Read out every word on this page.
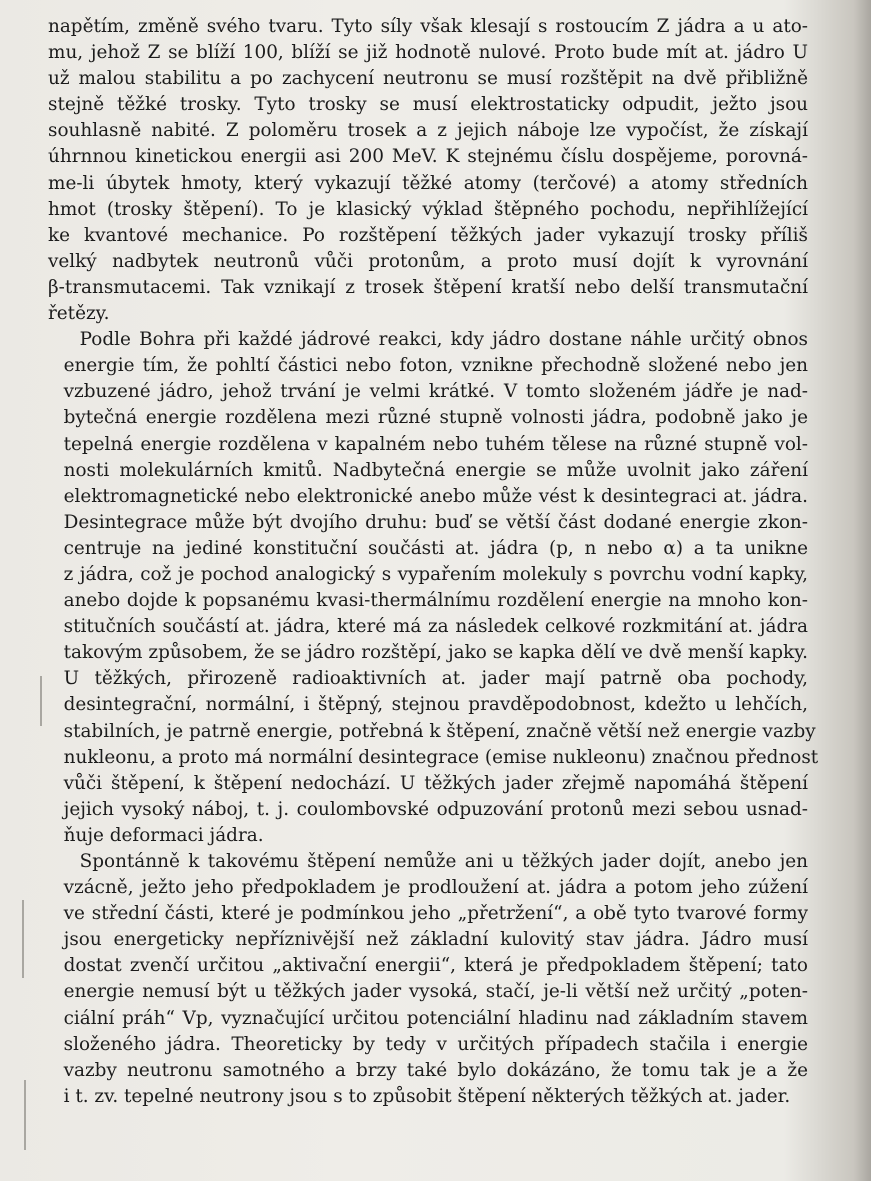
napětím, změně svého tvaru. Tyto síly však klesají s rostoucím Z jádra a u ato-
mu, jehož Z se blíží 100, blíží se již hodnotě nulové. Proto bude mít at. jádro U
už malou stabilitu a po zachycení neutronu se musí rozštěpit na dvě přibližně
stejně těžké trosky. Tyto trosky se musí elektrostaticky odpudit, ježto jsou
souhlasně nabité. Z poloměru trosek a z jejich náboje lze vypočíst, že získají
úhrnnou kinetickou energii asi 200 MeV. K stejnému číslu dospějeme, porovná-
me-li úbytek hmoty, který vykazují těžké atomy (terčové) a atomy středních
hmot (trosky štěpení). To je klasický výklad štěpného pochodu, nepřihlížející
ke kvantové mechanice. Po rozštěpení těžkých jader vykazují trosky příliš
velký nadbytek neutronů vůči protonům, a proto musí dojít k vyrovnání
β-transmutacemi. Tak vznikají z trosek štěpení kratší nebo delší transmutační
řetězy.
Podle Bohra při každé jádrové reakci, kdy jádro dostane náhle určitý obnos
energie tím, že pohltí částici nebo foton, vznikne přechodně složené nebo jen
vzbuzené jádro, jehož trvání je velmi krátké. V tomto složeném jádře je nad-
bytečná energie rozdělena mezi různé stupně volnosti jádra, podobně jako je
tepelná energie rozdělena v kapalném nebo tuhém tělese na různé stupně vol-
nosti molekulárních kmitů. Nadbytečná energie se může uvolnit jako záření
elektromagnetické nebo elektronické anebo může vést k desintegraci at. jádra.
Desintegrace může být dvojího druhu: buď se větší část dodané energie zkon-
centruje na jediné konstituční součásti at. jádra (p, n nebo α) a ta unikne
z jádra, což je pochod analogický s vypařením molekuly s povrchu vodní kapky,
anebo dojde k popsanému kvasi-thermálnímu rozdělení energie na mnoho kon-
stitučních součástí at. jádra, které má za následek celkové rozkmitání at. jádra
takovým způsobem, že se jádro rozštěpí, jako se kapka dělí ve dvě menší kapky.
U těžkých, přirozeně radioaktivních at. jader mají patrně oba pochody,
desintegrační, normální, i štěpný, stejnou pravděpodobnost, kdežto u lehčích,
stabilních, je patrně energie, potřebná k štěpení, značně větší než energie vazby
nukleonu, a proto má normální desintegrace (emise nukleonu) značnou přednost
vůči štěpení, k štěpení nedochází. U těžkých jader zřejmě napomáhá štěpení
jejich vysoký náboj, t. j. coulombovské odpuzování protonů mezi sebou usnad-
ňuje deformaci jádra.
Spontánně k takovému štěpení nemůže ani u těžkých jader dojít, anebo jen
vzácně, ježto jeho předpokladem je prodloužení at. jádra a potom jeho zúžení
ve střední části, které je podmínkou jeho „přetržení“, a obě tyto tvarové formy
jsou energeticky nepříznivější než základní kulovitý stav jádra. Jádro musí
dostat zvenčí určitou „aktivační energii“, která je předpokladem štěpení; tato
energie nemusí být u těžkých jader vysoká, stačí, je-li větší než určitý „poten-
ciální práh“ Vp, vyznačující určitou potenciální hladinu nad základním stavem
složeného jádra. Theoreticky by tedy v určitých případech stačila i energie
vazby neutronu samotného a brzy také bylo dokázáno, že tomu tak je a že
i t. zv. tepelné neutrony jsou s to způsobit štěpení některých těžkých at. jader.
